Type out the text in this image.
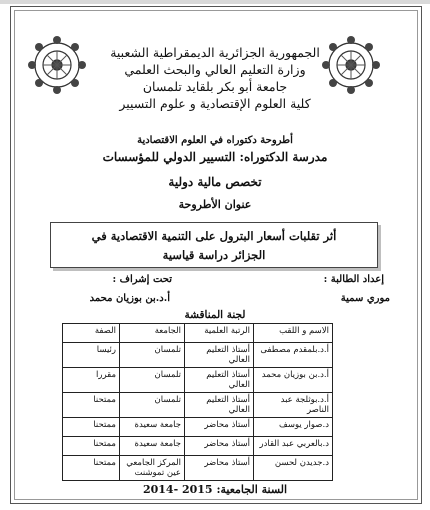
الجمهورية الجزائرية الديمقراطية الشعبية
وزارة التعليم العالي والبحث العلمي
جامعة أبو بكر بلقايد تلمسان
كلية العلوم الإقتصادية و علوم التسيير
أطروحة دكتوراه في العلوم الاقتصادية
مدرسة الدكتوراه: التسيير الدولي للمؤسسات
تخصص مالية دولية
عنوان الأطروحة
أثر تقلبات أسعار البترول على التنمية الاقتصادية في
الجزائر دراسة قياسية
إعداد الطالبة :
تحت إشراف :
موري سمية
أ.د.بن بوزيان محمد
لجنة المناقشة
الاسم و اللقب	الرتبة العلمية	الجامعة	الصفة
أ.د.بلمقدم مصطفى	أستاذ التعليم العالي	تلمسان	رئيسا
أ.د.بن بوزيان محمد	أستاذ التعليم العالي	تلمسان	مقررا
أ.د.بوثلجة عبد الناصر	أستاذ التعليم العالي	تلمسان	ممتحنا
د.صوار يوسف	أستاذ محاضر	جامعة سعيدة	ممتحنا
د.بالعربي عبد القادر	أستاذ محاضر	جامعة سعيدة	ممتحنا
د.جديدن لحسن	أستاذ محاضر	المركز الجامعي عين تموشنت	ممتحنا
السنة الجامعية: 2014- 2015
